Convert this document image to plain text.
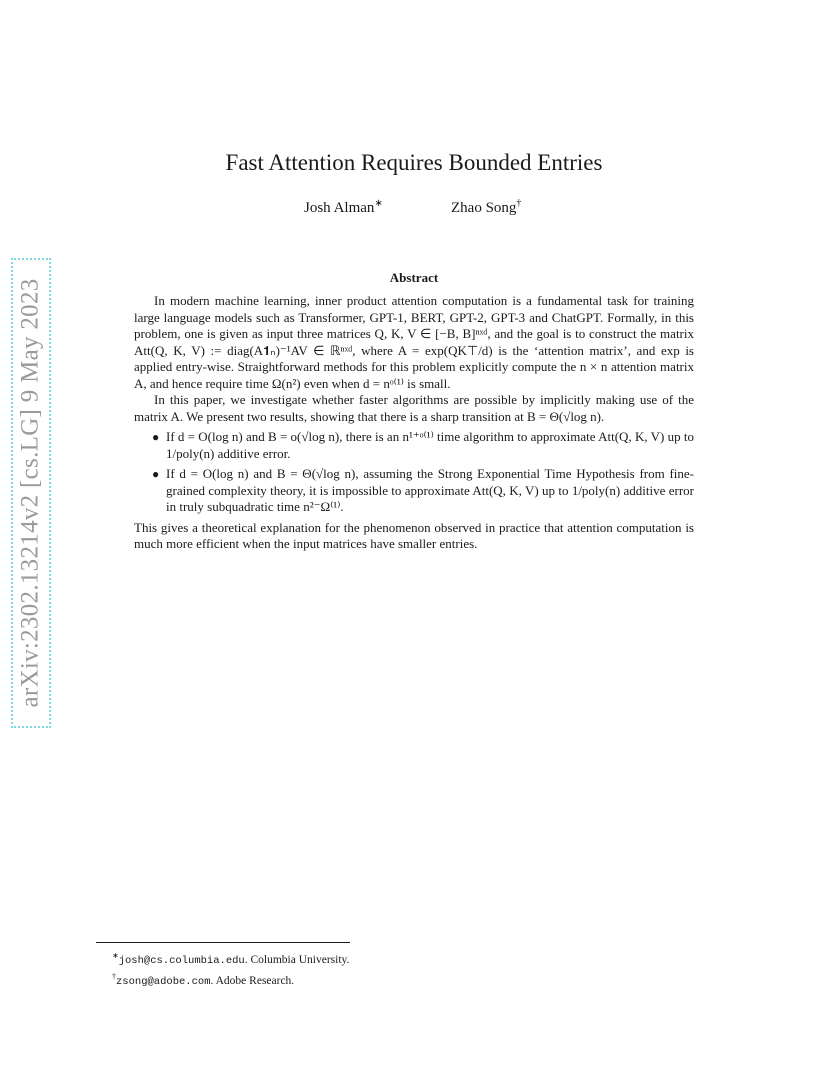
arXiv:2302.13214v2 [cs.LG] 9 May 2023
Fast Attention Requires Bounded Entries
Josh Alman∗	Zhao Song†
Abstract

In modern machine learning, inner product attention computation is a fundamental task for training large language models such as Transformer, GPT-1, BERT, GPT-2, GPT-3 and ChatGPT. Formally, in this problem, one is given as input three matrices Q, K, V ∈ [−B, B]ⁿˣᵈ, and the goal is to construct the matrix Att(Q, K, V) := diag(A𝟏ₙ)⁻¹AV ∈ ℝⁿˣᵈ, where A = exp(QK⊤/d) is the ‘attention matrix’, and exp is applied entry-wise. Straightforward methods for this problem explicitly compute the n × n attention matrix A, and hence require time Ω(n²) even when d = nᵒ⁽¹⁾ is small.

In this paper, we investigate whether faster algorithms are possible by implicitly making use of the matrix A. We present two results, showing that there is a sharp transition at B = Θ(√log n).

● If d = O(log n) and B = o(√log n), there is an n¹⁺ᵒ⁽¹⁾ time algorithm to approximate Att(Q, K, V) up to 1/poly(n) additive error.
● If d = O(log n) and B = Θ(√log n), assuming the Strong Exponential Time Hypothesis from fine-grained complexity theory, it is impossible to approximate Att(Q, K, V) up to 1/poly(n) additive error in truly subquadratic time n²⁻Ω⁽¹⁾.

This gives a theoretical explanation for the phenomenon observed in practice that attention computation is much more efficient when the input matrices have smaller entries.

∗josh@cs.columbia.edu. Columbia University.
†zsong@adobe.com. Adobe Research.
